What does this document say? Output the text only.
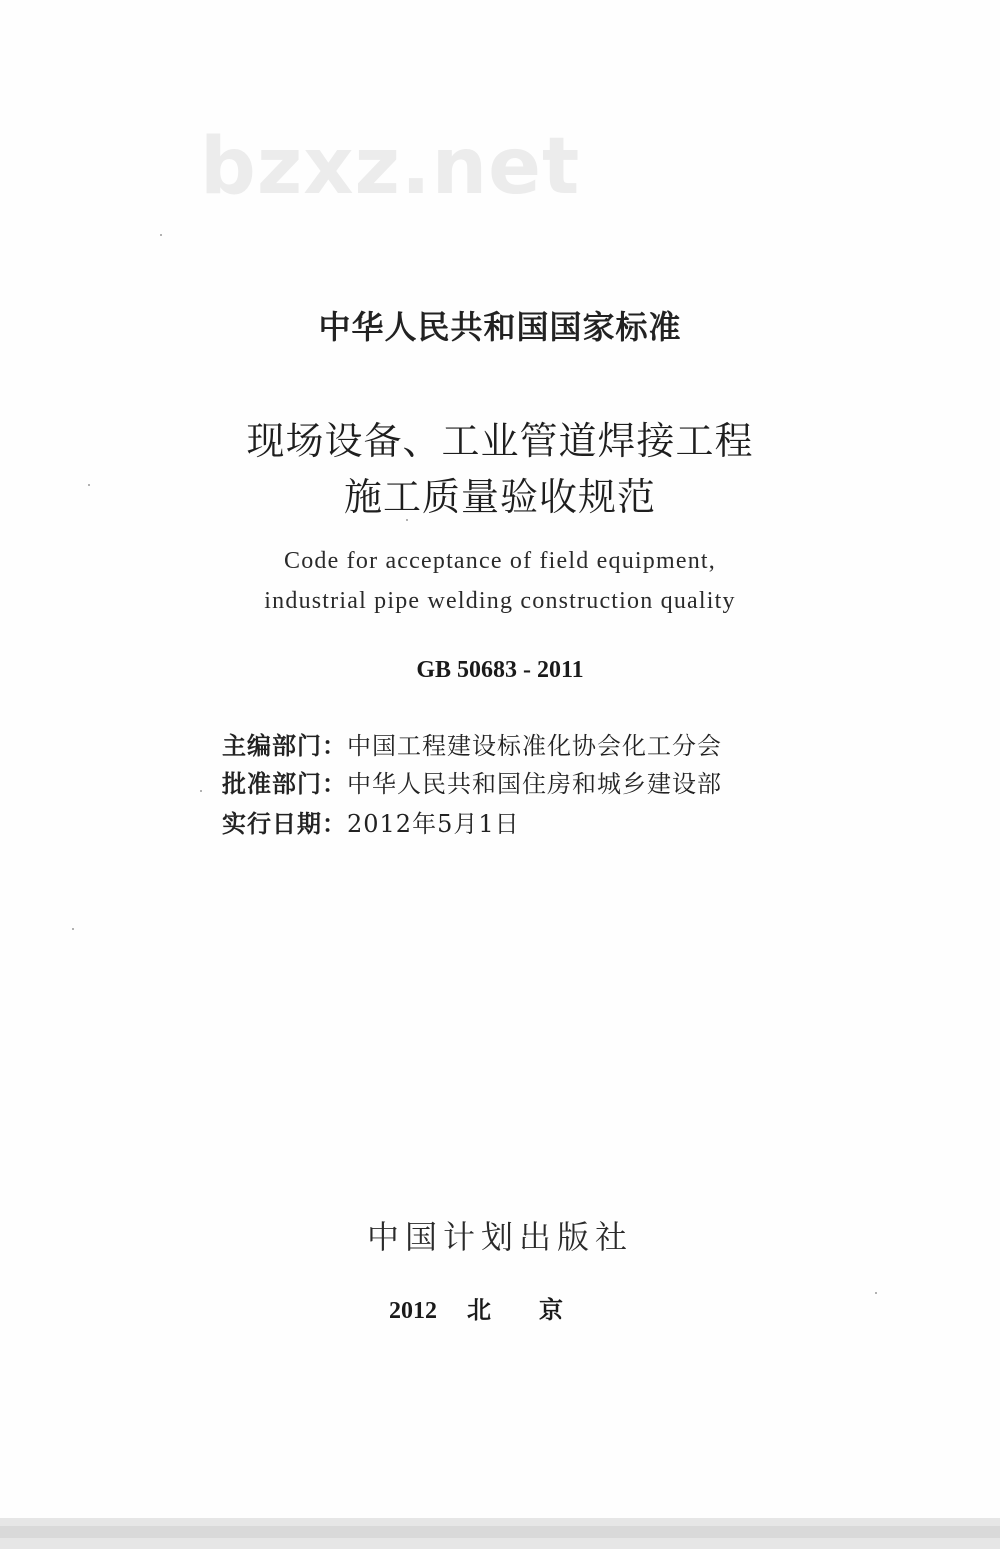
bzxz.net
中华人民共和国国家标准
现场设备、工业管道焊接工程
施工质量验收规范
Code for acceptance of field equipment,
industrial pipe welding construction quality
GB 50683 - 2011
主编部门：中国工程建设标准化协会化工分会
批准部门：中华人民共和国住房和城乡建设部
实行日期：2012年5月1日
中国计划出版社
2012 北京
